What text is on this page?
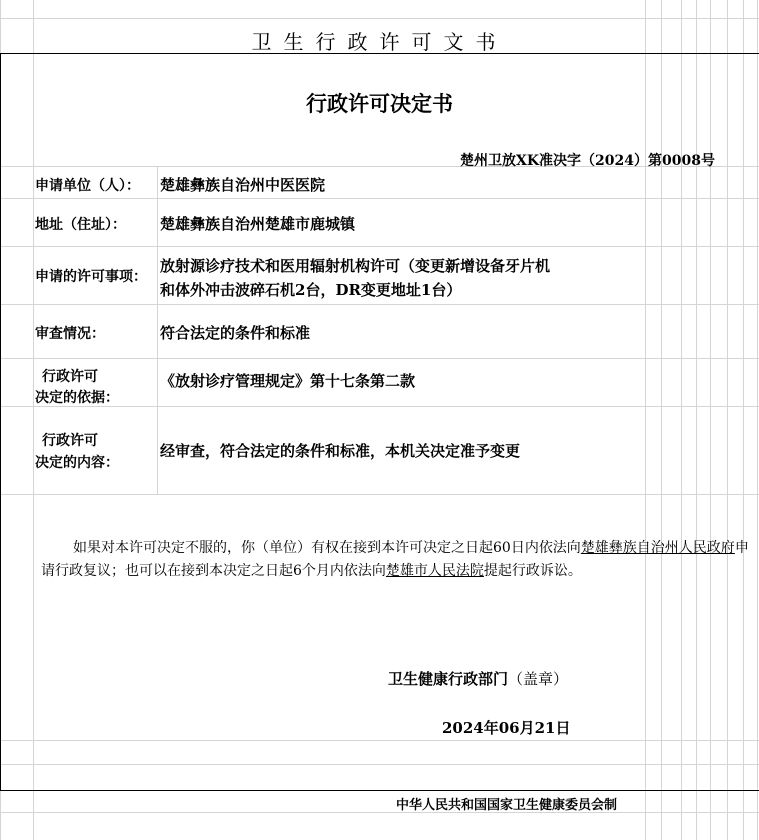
卫生行政许可文书
行政许可决定书
楚州卫放XK准决字（2024）第0008号
申请单位（人）： 楚雄彝族自治州中医医院
地址（住址）： 楚雄彝族自治州楚雄市鹿城镇
申请的许可事项：
放射源诊疗技术和医用辐射机构许可（变更新增设备牙片机
和体外冲击波碎石机2台，DR变更地址1台）
审查情况：	符合法定的条件和标准
行政许可
决定的依据：
《放射诊疗管理规定》第十七条第二款
行政许可
决定的内容：
经审查，符合法定的条件和标准，本机关决定准予变更
如果对本许可决定不服的，你（单位）有权在接到本许可决定之日起60日内依法向楚雄彝族自治州人民政府申请行政复议；也可以在接到本决定之日起6个月内依法向楚雄市人民法院提起行政诉讼。
卫生健康行政部门（盖章）
2024年06月21日
中华人民共和国国家卫生健康委员会制
